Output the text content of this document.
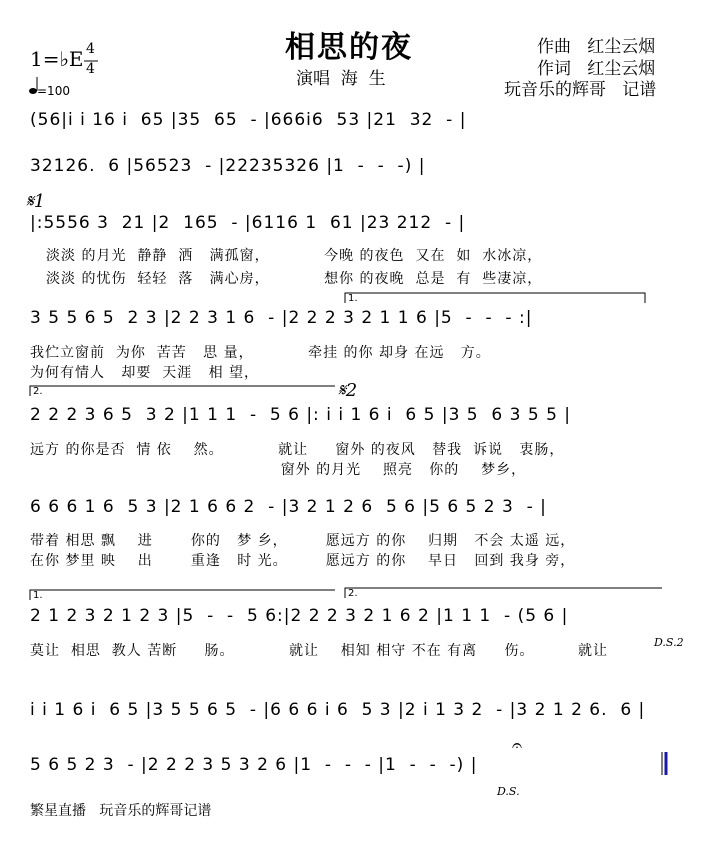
相思的夜
演唱  海  生
作曲   红尘云烟
作词   红尘云烟
玩音乐的辉哥   记谱
1=♭E 4
4
=100
(56|i i 16 i  65 |35  65  - |666i6  53 |21  32  - |
32126.  6 |56523  - |22235326 |1  -  -  -) |
𝄋1
|:5556 3  21 |2  165  - |6116 1  61 |23 212  - |
淡淡 的月光  静静  洒   满孤窗，          今晚 的夜色  又在  如  水冰凉，
淡淡 的忧伤  轻轻  落   满心房，          想你 的夜晚  总是  有  些凄凉，
1.
3 5 5 6 5  2 3 |2 2 3 1 6  - |2 2 2 3 2 1 1 6 |5  -  -  - :|
我伫立窗前  为你  苦苦   思 量，          牵挂 的你 却身 在远   方。
为何有情人   却要  天涯   相 望，
2.	𝄋2
2 2 2 3 6 5  3 2 |1 1 1  -  5 6 |: i i 1 6 i  6 5 |3 5  6 3 5 5 |
远方 的你是否  情 依    然。          就让     窗外 的夜风   替我  诉说   衷肠，
窗外 的月光    照亮   你的    梦乡，
6 6 6 1 6  5 3 |2 1 6 6 2  - |3 2 1 2 6  5 6 |5 6 5 2 3  - |
带着 相思 飘    进       你的   梦 乡，       愿远方 的你    归期   不会 太遥 远，
在你 梦里 映    出       重逢   时 光。       愿远方 的你    早日   回到 我身 旁，
1.	2.
2 1 2 3 2 1 2 3 |5  -  -  5 6:|2 2 2 3 2 1 6 2 |1 1 1  - (5 6 |
莫让  相思  教人 苦断     肠。          就让    相知 相守 不在 有离     伤。        就让
D.S.2
i i 1 6 i  6 5 |3 5 5 6 5  - |6 6 6 i 6  5 3 |2 i 1 3 2  - |3 2 1 2 6.  6 |
𝄐
5 6 5 2 3  - |2 2 2 3 5 3 2 6 |1  -  -  - |1  -  -  -) |
D.S.
繁星直播   玩音乐的辉哥记谱
